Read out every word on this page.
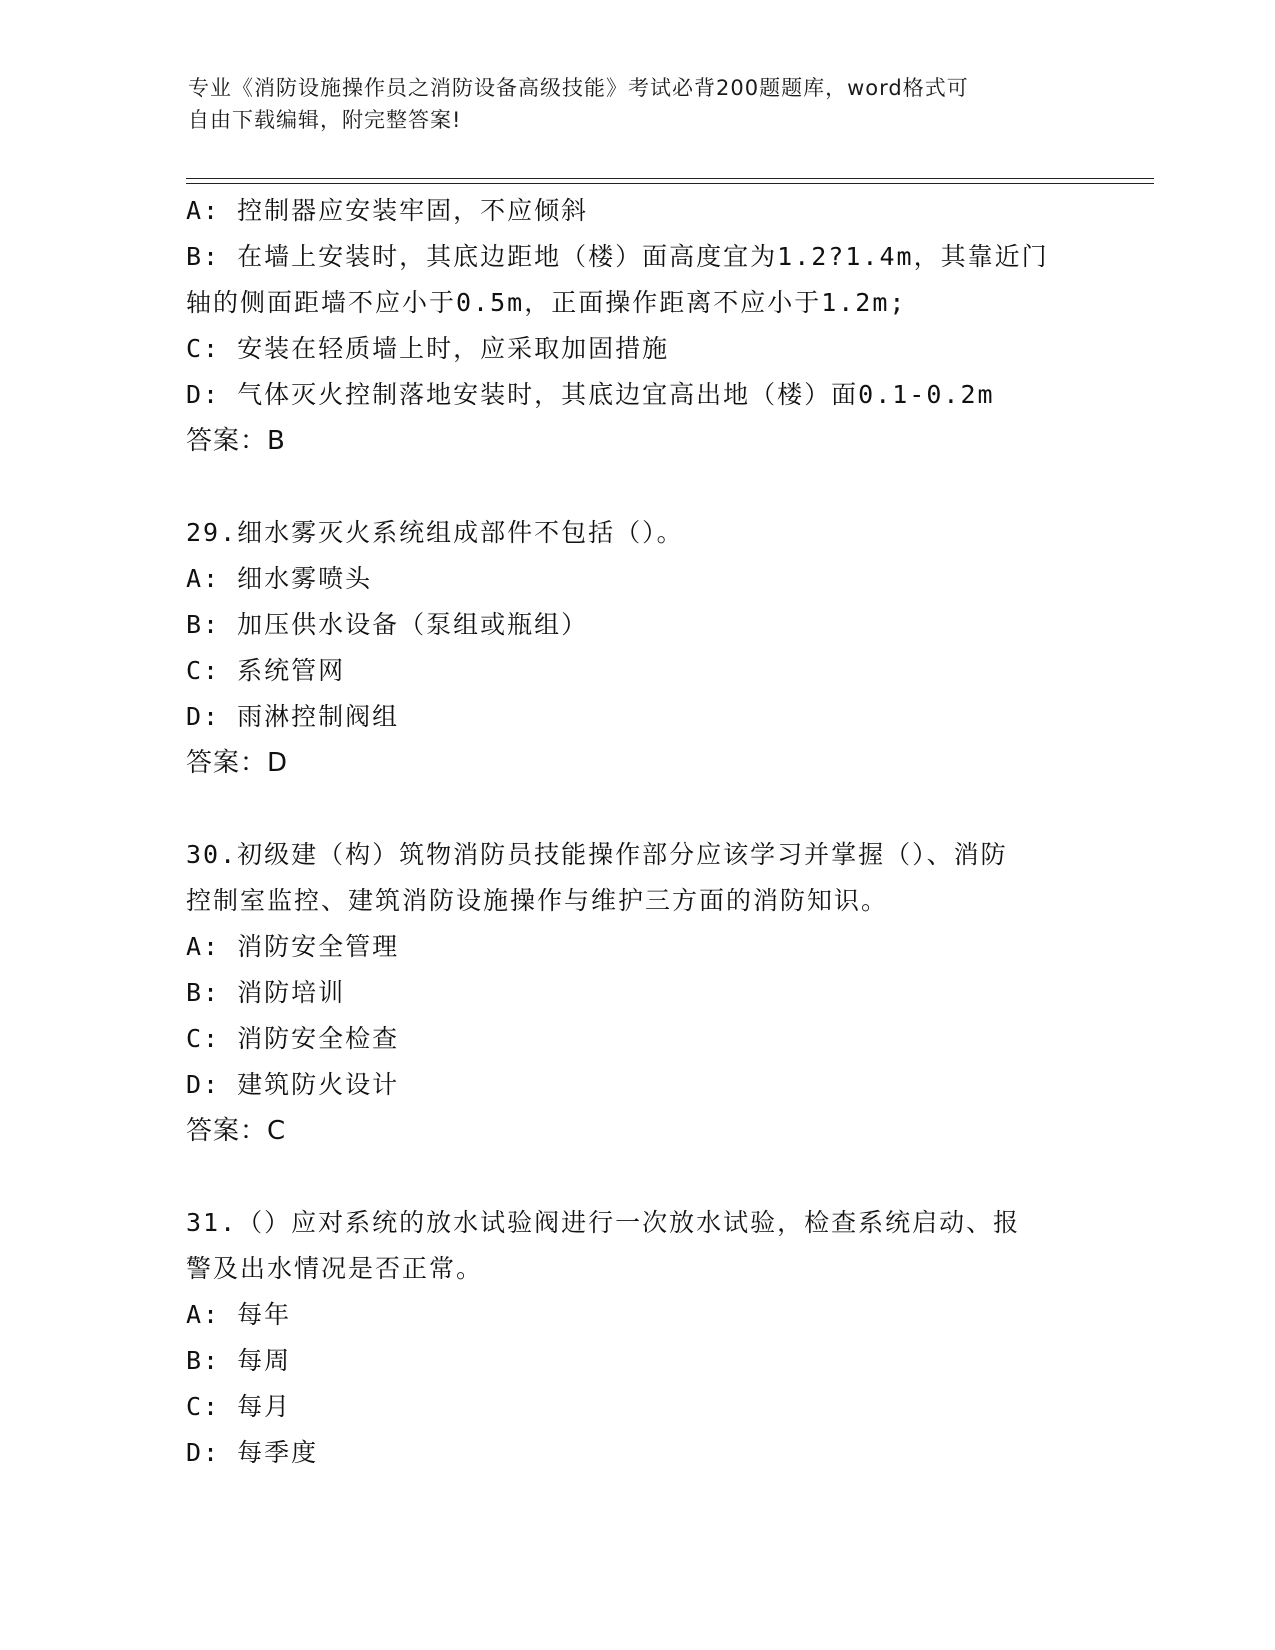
专业《消防设施操作员之消防设备高级技能》考试必背200题题库，word格式可
自由下载编辑，附完整答案!
A: 控制器应安装牢固，不应倾斜
B: 在墙上安装时，其底边距地（楼）面高度宜为1.2?1.4m，其靠近门
轴的侧面距墙不应小于0.5m，正面操作距离不应小于1.2m;
C: 安装在轻质墙上时，应采取加固措施
D: 气体灭火控制落地安装时，其底边宜高出地（楼）面0.1-0.2m
答案：B
29.细水雾灭火系统组成部件不包括（）。
A: 细水雾喷头
B: 加压供水设备（泵组或瓶组）
C: 系统管网
D: 雨淋控制阀组
答案：D
30.初级建（构）筑物消防员技能操作部分应该学习并掌握（）、消防
控制室监控、建筑消防设施操作与维护三方面的消防知识。
A: 消防安全管理
B: 消防培训
C: 消防安全检查
D: 建筑防火设计
答案：C
31.（）应对系统的放水试验阀进行一次放水试验，检查系统启动、报
警及出水情况是否正常。
A: 每年
B: 每周
C: 每月
D: 每季度
